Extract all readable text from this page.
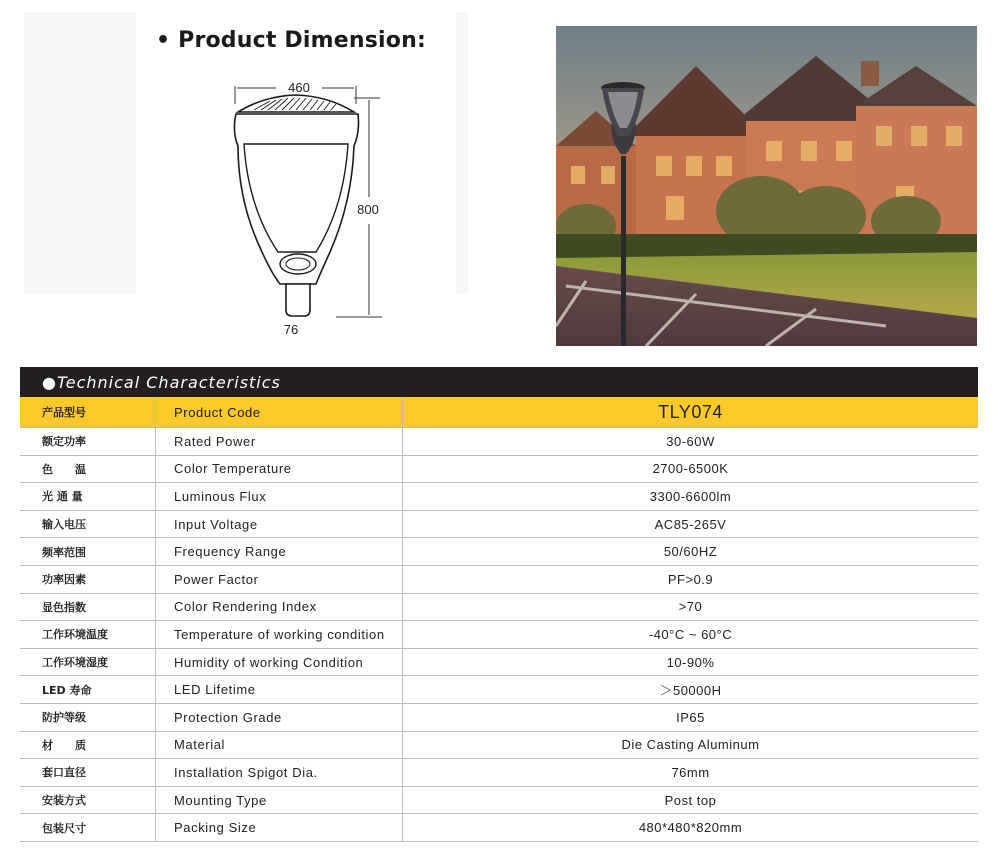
• Product Dimension:
460
800
76
●Technical Characteristics
产品型号	Product Code	TLY074
额定功率	Rated Power	30-60W
色　　温	Color Temperature	2700-6500K
光 通 量	Luminous Flux	3300-6600lm
输入电压	Input Voltage	AC85-265V
频率范围	Frequency Range	50/60HZ
功率因素	Power Factor	PF>0.9
显色指数	Color Rendering Index	>70
工作环境温度	Temperature of working condition	-40°C ~ 60°C
工作环境湿度	Humidity of working Condition	10-90%
LED 寿命	LED Lifetime	＞50000H
防护等级	Protection Grade	IP65
材　　质	Material	Die Casting Aluminum
套口直径	Installation Spigot Dia.	76mm
安装方式	Mounting Type	Post top
包装尺寸	Packing Size	480*480*820mm
